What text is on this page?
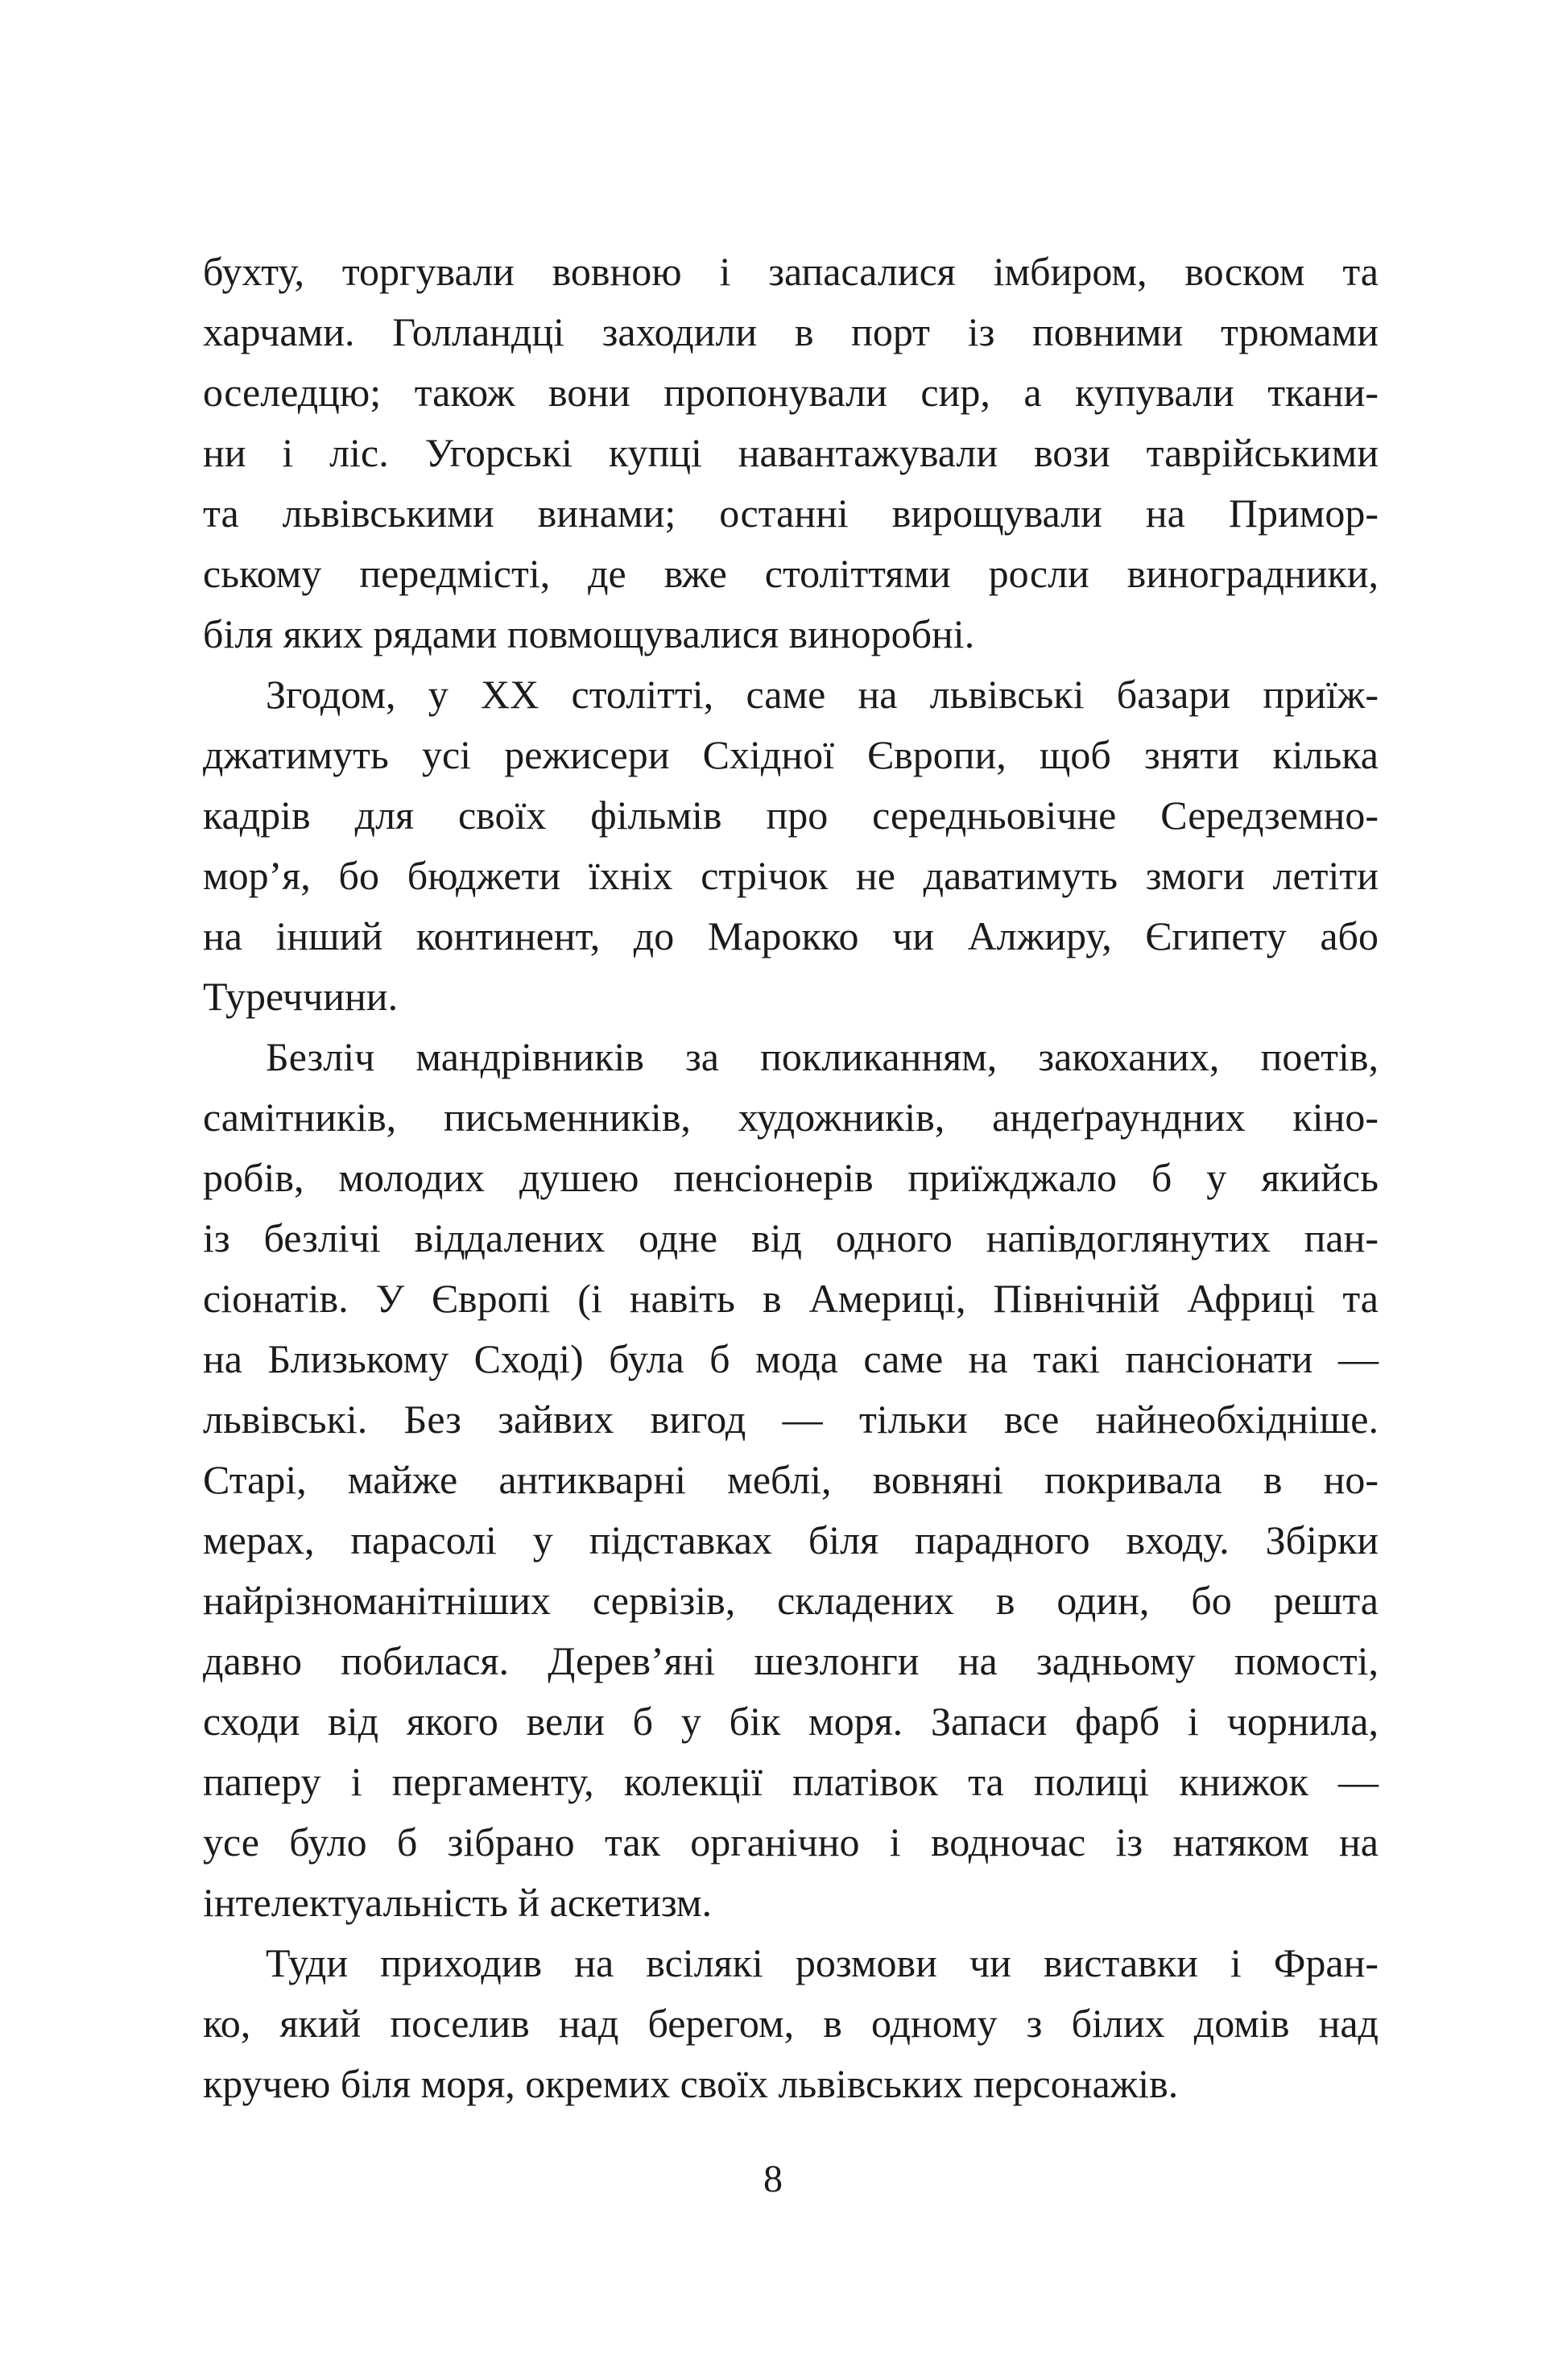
бухту, торгували вовною і запасалися імбиром, воском та
харчами. Голландці заходили в порт із повними трюмами
оселедцю; також вони пропонували сир, а купували ткани-
ни і ліс. Угорські купці навантажували вози таврійськими
та львівськими винами; останні вирощували на Примор-
ському передмісті, де вже століттями росли виноградники,
біля яких рядами повмощувалися виноробні.
Згодом, у XX столітті, саме на львівські базари приїж-
джатимуть усі режисери Східної Європи, щоб зняти кілька
кадрів для своїх фільмів про середньовічне Середземно-
мор’я, бо бюджети їхніх стрічок не даватимуть змоги летіти
на інший континент, до Марокко чи Алжиру, Єгипету або
Туреччини.
Безліч мандрівників за покликанням, закоханих, поетів,
самітників, письменників, художників, андеґраундних кіно-
робів, молодих душею пенсіонерів приїжджало б у якийсь
із безлічі віддалених одне від одного напівдоглянутих пан-
сіонатів. У Європі (і навіть в Америці, Північній Африці та
на Близькому Сході) була б мода саме на такі пансіонати —
львівські. Без зайвих вигод — тільки все найнеобхідніше.
Старі, майже антикварні меблі, вовняні покривала в но-
мерах, парасолі у підставках біля парадного входу. Збірки
найрізноманітніших сервізів, складених в один, бо решта
давно побилася. Дерев’яні шезлонги на задньому помості,
сходи від якого вели б у бік моря. Запаси фарб і чорнила,
паперу і пергаменту, колекції платівок та полиці книжок —
усе було б зібрано так органічно і водночас із натяком на
інтелектуальність й аскетизм.
Туди приходив на всілякі розмови чи виставки і Фран-
ко, який поселив над берегом, в одному з білих домів над
кручею біля моря, окремих своїх львівських персонажів.
8
